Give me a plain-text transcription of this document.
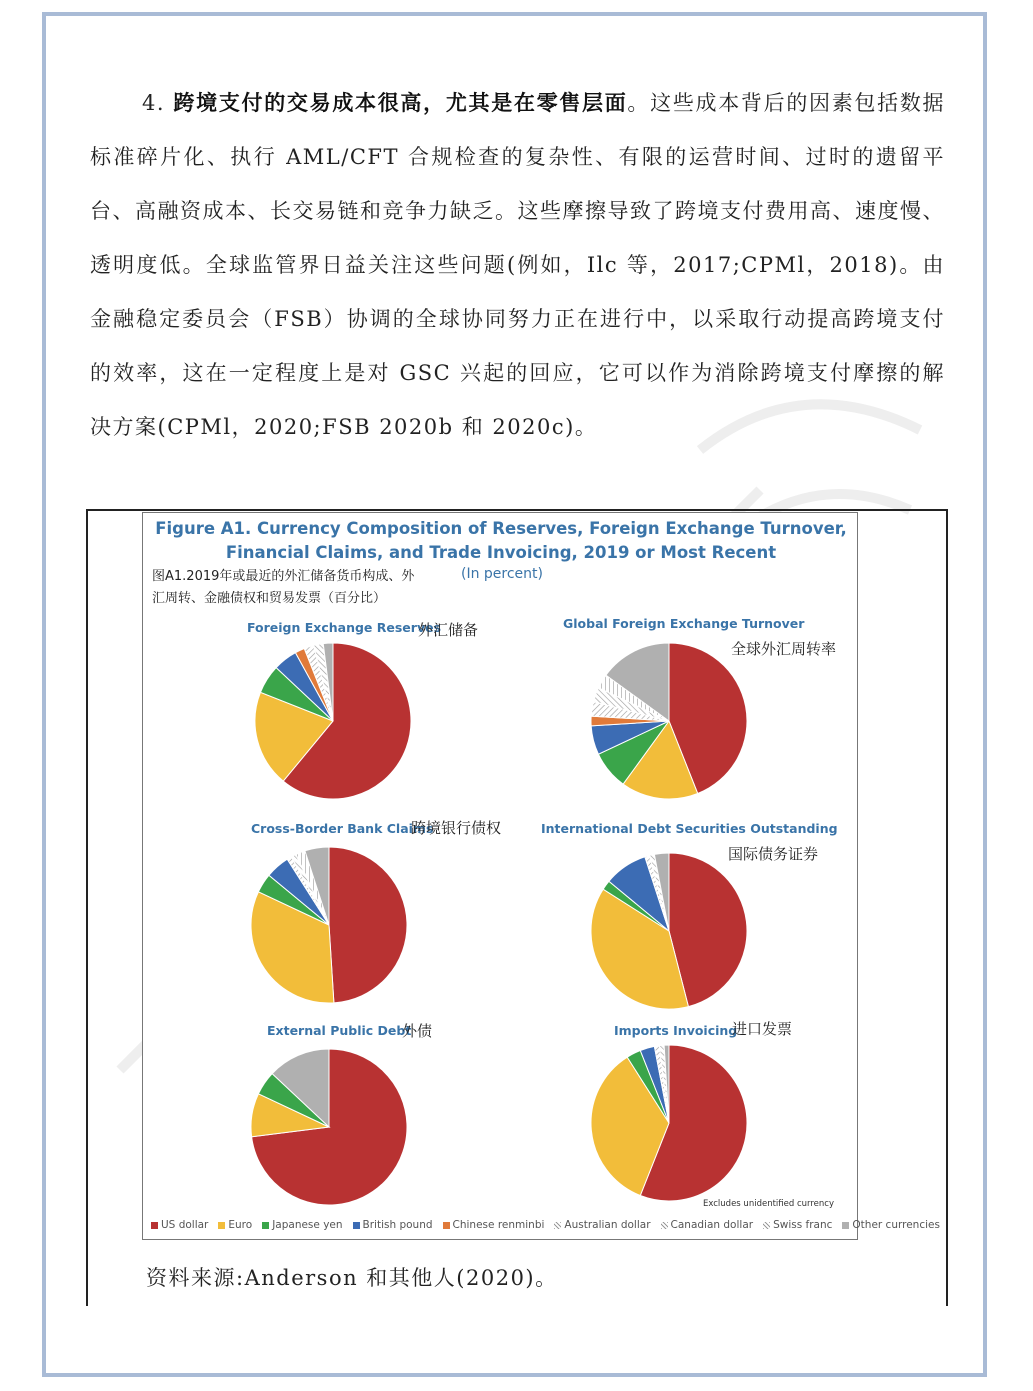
4. 跨境支付的交易成本很高，尤其是在零售层面。这些成本背后的因素包括数据标准碎片化、执行 AML/CFT 合规检查的复杂性、有限的运营时间、过时的遗留平台、高融资成本、长交易链和竞争力缺乏。这些摩擦导致了跨境支付费用高、速度慢、透明度低。全球监管界日益关注这些问题(例如，Ilc 等，2017;CPMl，2018)。由金融稳定委员会（FSB）协调的全球协同努力正在进行中，以采取行动提高跨境支付的效率，这在一定程度上是对 GSC 兴起的回应，它可以作为消除跨境支付摩擦的解决方案(CPMl，2020;FSB 2020b 和 2020c)。
Figure A1. Currency Composition of Reserves, Foreign Exchange Turnover,
Financial Claims, and Trade Invoicing, 2019 or Most Recent
图A1.2019年或最近的外汇储备货币构成、外	(In percent)
汇周转、金融债权和贸易发票（百分比）
Foreign Exchange Reserves
外汇储备	Global Foreign Exchange Turnover
全球外汇周转率
Cross-Border Bank Claims
跨境银行债权	International Debt Securities Outstanding
国际债务证券
External Public Debt
外债	Imports Invoicing
进口发票
Excludes unidentified currency
US dollar Euro Japanese yen British pound Chinese renminbi Australian dollar Canadian dollar Swiss franc Other currencies
资料来源:Anderson 和其他人(2020)。
